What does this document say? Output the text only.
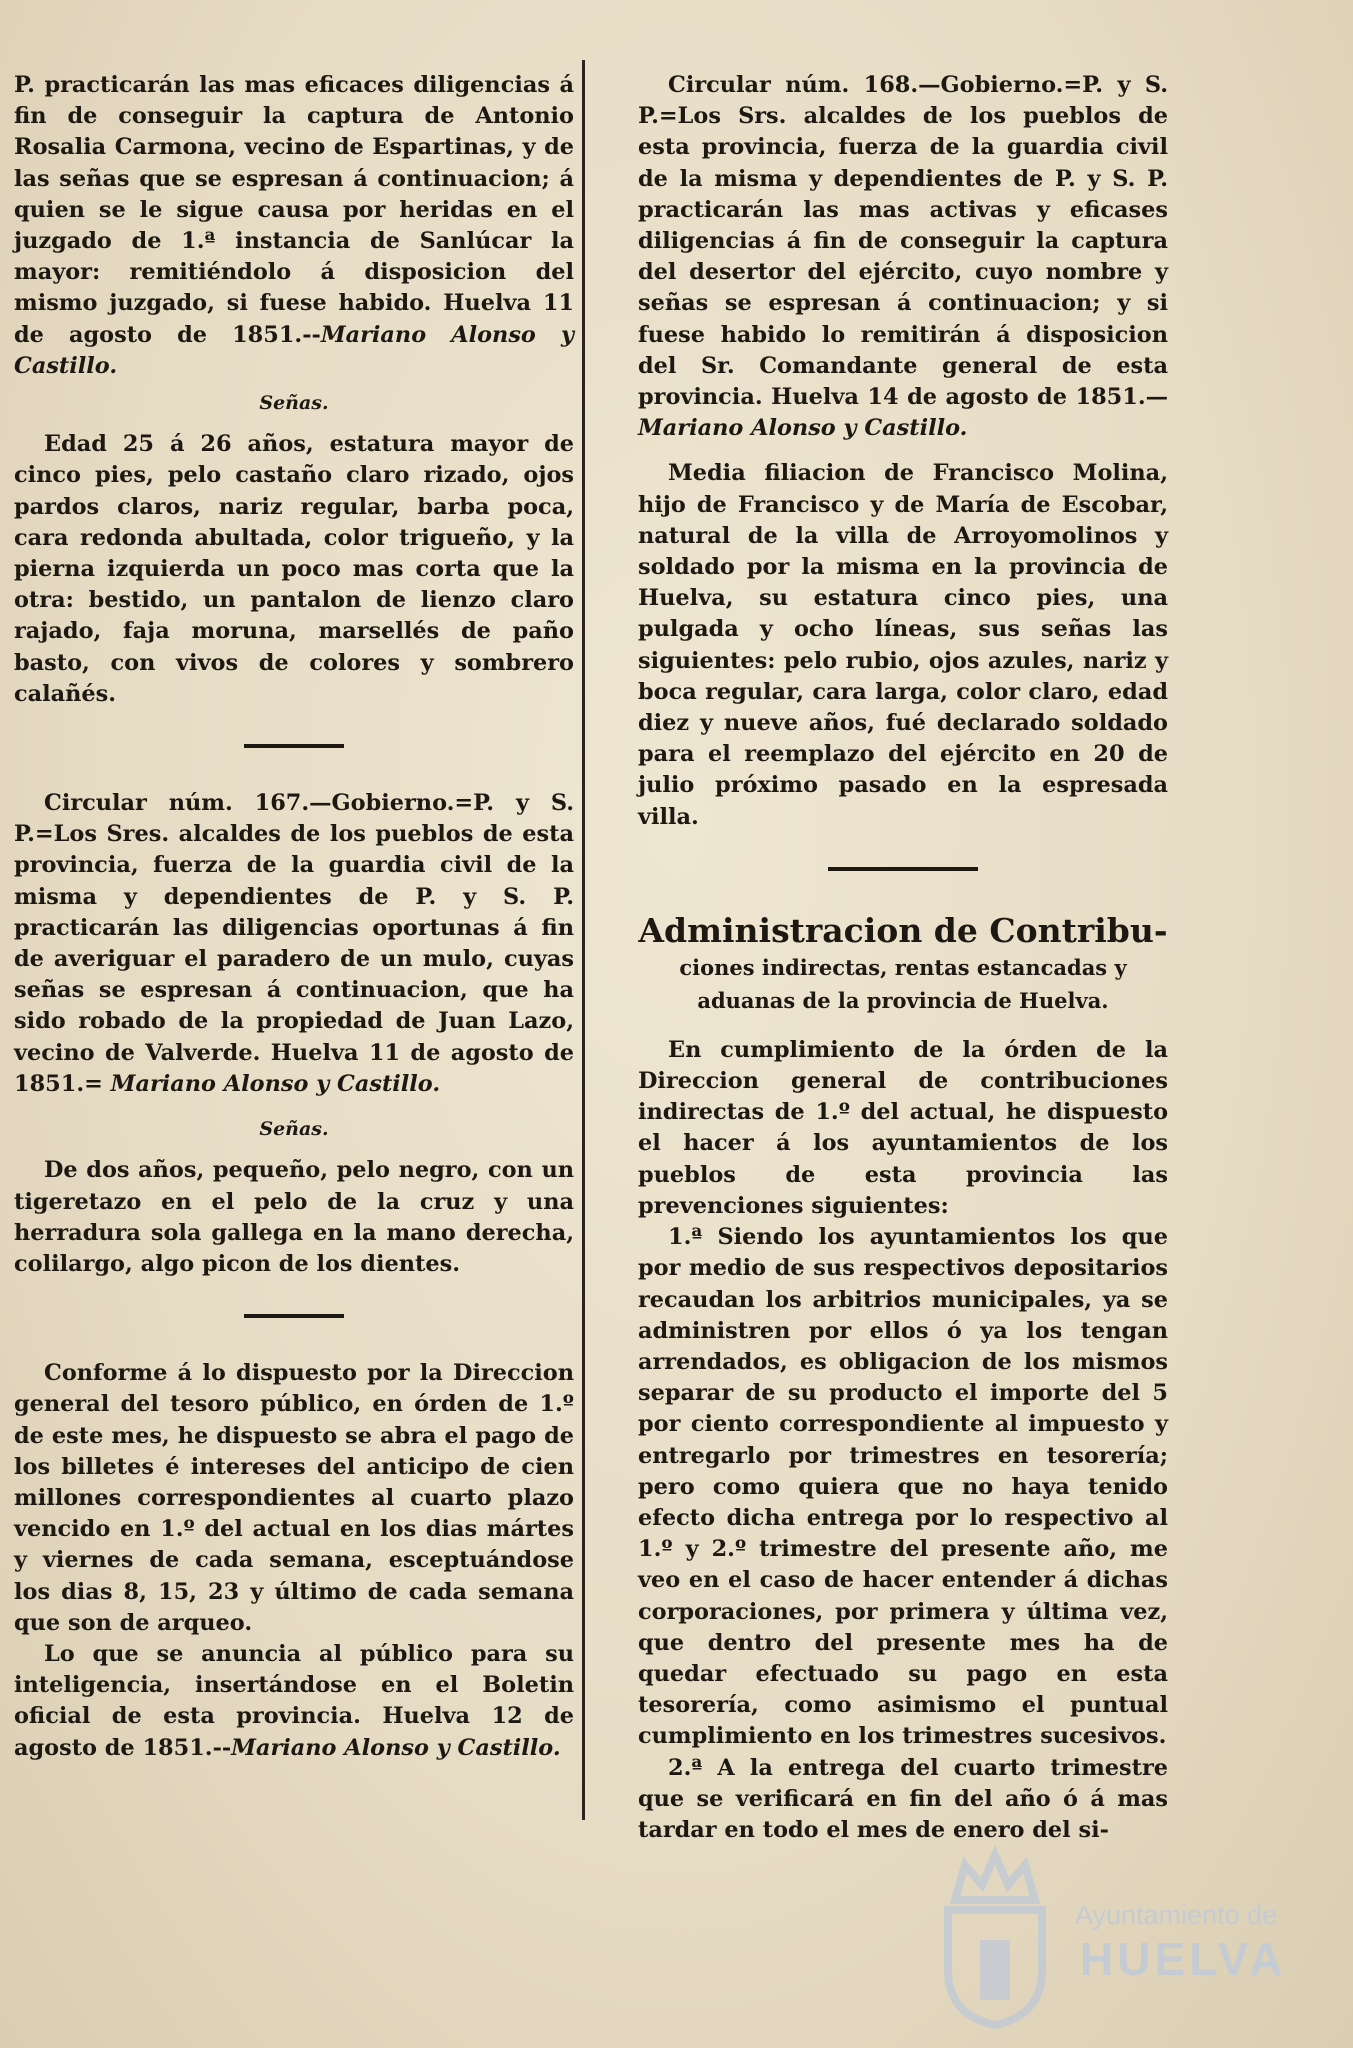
P. practicarán las mas eficaces diligencias á fin de conseguir la captura de Antonio Rosalia Carmona, vecino de Espartinas, y de las señas que se espresan á continuacion; á quien se le sigue causa por heridas en el juzgado de 1.ª instancia de Sanlúcar la mayor: remitiéndolo á disposicion del mismo juzgado, si fuese habido. Huelva 11 de agosto de 1851.--Mariano Alonso y Castillo.

Señas.

Edad 25 á 26 años, estatura mayor de cinco pies, pelo castaño claro rizado, ojos pardos claros, nariz regular, barba poca, cara redonda abultada, color trigueño, y la pierna izquierda un poco mas corta que la otra: bestido, un pantalon de lienzo claro rajado, faja moruna, marsellés de paño basto, con vivos de colores y sombrero calañés.

Circular núm. 167.—Gobierno.=P. y S. P.=Los Sres. alcaldes de los pueblos de esta provincia, fuerza de la guardia civil de la misma y dependientes de P. y S. P. practicarán las diligencias oportunas á fin de averiguar el paradero de un mulo, cuyas señas se espresan á continuacion, que ha sido robado de la propiedad de Juan Lazo, vecino de Valverde. Huelva 11 de agosto de 1851.= Mariano Alonso y Castillo.

Señas.

De dos años, pequeño, pelo negro, con un tigeretazo en el pelo de la cruz y una herradura sola gallega en la mano derecha, colilargo, algo picon de los dientes.

Conforme á lo dispuesto por la Direccion general del tesoro público, en órden de 1.º de este mes, he dispuesto se abra el pago de los billetes é intereses del anticipo de cien millones correspondientes al cuarto plazo vencido en 1.º del actual en los dias mártes y viernes de cada semana, esceptuándose los dias 8, 15, 23 y último de cada semana que son de arqueo.

Lo que se anuncia al público para su inteligencia, insertándose en el Boletin oficial de esta provincia. Huelva 12 de agosto de 1851.--Mariano Alonso y Castillo.

Circular núm. 168.—Gobierno.=P. y S. P.=Los Srs. alcaldes de los pueblos de esta provincia, fuerza de la guardia civil de la misma y dependientes de P. y S. P. practicarán las mas activas y eficases diligencias á fin de conseguir la captura del desertor del ejército, cuyo nombre y señas se espresan á continuacion; y si fuese habido lo remitirán á disposicion del Sr. Comandante general de esta provincia. Huelva 14 de agosto de 1851.— Mariano Alonso y Castillo.

Media filiacion de Francisco Molina, hijo de Francisco y de María de Escobar, natural de la villa de Arroyomolinos y soldado por la misma en la provincia de Huelva, su estatura cinco pies, una pulgada y ocho líneas, sus señas las siguientes: pelo rubio, ojos azules, nariz y boca regular, cara larga, color claro, edad diez y nueve años, fué declarado soldado para el reemplazo del ejército en 20 de julio próximo pasado en la espresada villa.

Administracion de Contribu-

ciones indirectas, rentas estancadas y aduanas de la provincia de Huelva.

En cumplimiento de la órden de la Direccion general de contribuciones indirectas de 1.º del actual, he dispuesto el hacer á los ayuntamientos de los pueblos de esta provincia las prevenciones siguientes:

1.ª Siendo los ayuntamientos los que por medio de sus respectivos depositarios recaudan los arbitrios municipales, ya se administren por ellos ó ya los tengan arrendados, es obligacion de los mismos separar de su producto el importe del 5 por ciento correspondiente al impuesto y entregarlo por trimestres en tesorería; pero como quiera que no haya tenido efecto dicha entrega por lo respectivo al 1.º y 2.º trimestre del presente año, me veo en el caso de hacer entender á dichas corporaciones, por primera y última vez, que dentro del presente mes ha de quedar efectuado su pago en esta tesorería, como asimismo el puntual cumplimiento en los trimestres sucesivos.

2.ª A la entrega del cuarto trimestre que se verificará en fin del año ó á mas tardar en todo el mes de enero del si-

Ayuntamiento de
HUELVA
